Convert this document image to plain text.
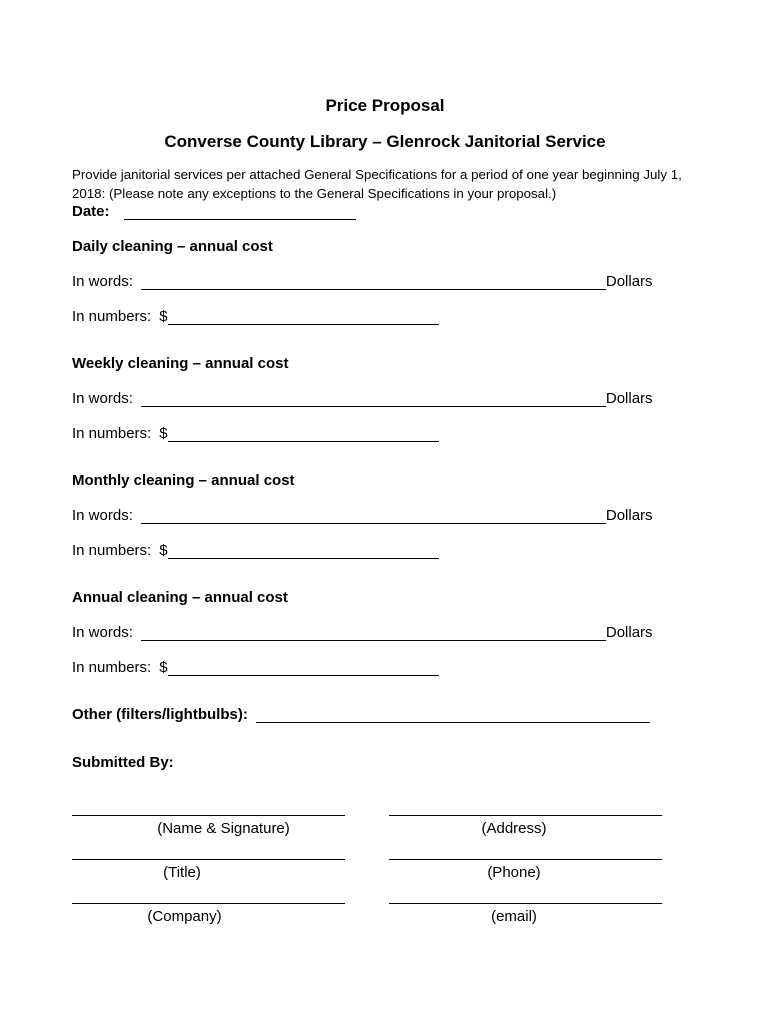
Price Proposal
Converse County Library – Glenrock Janitorial Service
Provide janitorial services per attached General Specifications for a period of one year beginning July 1, 2018: (Please note any exceptions to the General Specifications in your proposal.)
Date:
Daily cleaning – annual cost
In words:	Dollars
In numbers: $
Weekly cleaning – annual cost
In words:	Dollars
In numbers: $
Monthly cleaning – annual cost
In words:	Dollars
In numbers: $
Annual cleaning – annual cost
In words:	Dollars
In numbers: $
Other (filters/lightbulbs):
Submitted By:
(Name & Signature)	(Address)
(Title)	(Phone)
(Company)	(email)
